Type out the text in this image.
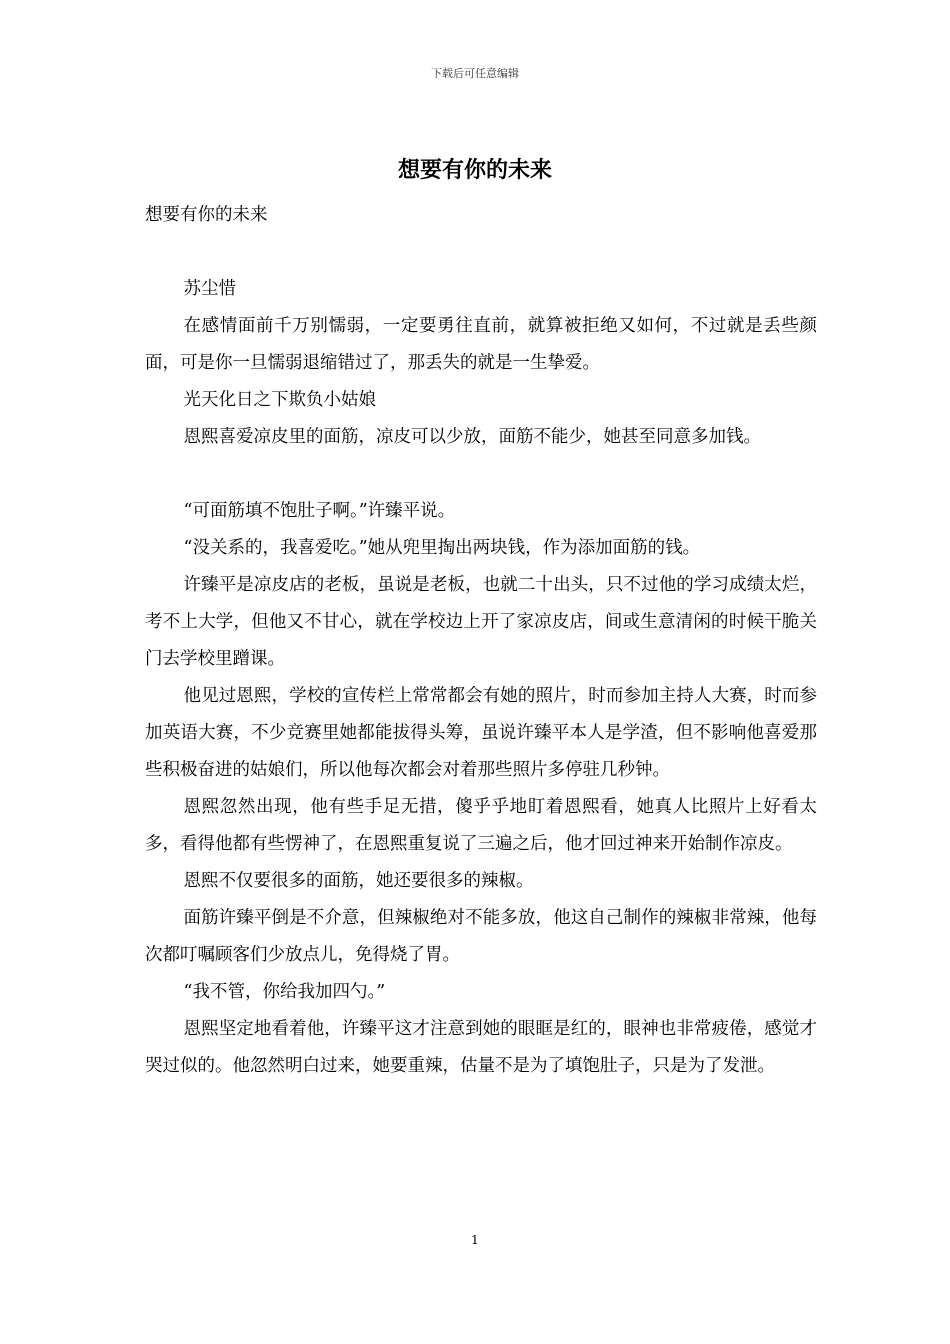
下载后可任意编辑
想要有你的未来

想要有你的未来

苏尘惜

在感情面前千万别懦弱，一定要勇往直前，就算被拒绝又如何，不过就是丢些颜面，可是你一旦懦弱退缩错过了，那丢失的就是一生挚爱。

光天化日之下欺负小姑娘

恩熙喜爱凉皮里的面筋，凉皮可以少放，面筋不能少，她甚至同意多加钱。

“可面筋填不饱肚子啊。”许臻平说。

“没关系的，我喜爱吃。”她从兜里掏出两块钱，作为添加面筋的钱。

许臻平是凉皮店的老板，虽说是老板，也就二十出头，只不过他的学习成绩太烂，考不上大学，但他又不甘心，就在学校边上开了家凉皮店，间或生意清闲的时候干脆关门去学校里蹭课。

他见过恩熙，学校的宣传栏上常常都会有她的照片，时而参加主持人大赛，时而参加英语大赛，不少竞赛里她都能拔得头筹，虽说许臻平本人是学渣，但不影响他喜爱那些积极奋进的姑娘们，所以他每次都会对着那些照片多停驻几秒钟。

恩熙忽然出现，他有些手足无措，傻乎乎地盯着恩熙看，她真人比照片上好看太多，看得他都有些愣神了，在恩熙重复说了三遍之后，他才回过神来开始制作凉皮。

恩熙不仅要很多的面筋，她还要很多的辣椒。

面筋许臻平倒是不介意，但辣椒绝对不能多放，他这自己制作的辣椒非常辣，他每次都叮嘱顾客们少放点儿，免得烧了胃。

“我不管，你给我加四勺。”

恩熙坚定地看着他，许臻平这才注意到她的眼眶是红的，眼神也非常疲倦，感觉才哭过似的。他忽然明白过来，她要重辣，估量不是为了填饱肚子，只是为了发泄。

1
